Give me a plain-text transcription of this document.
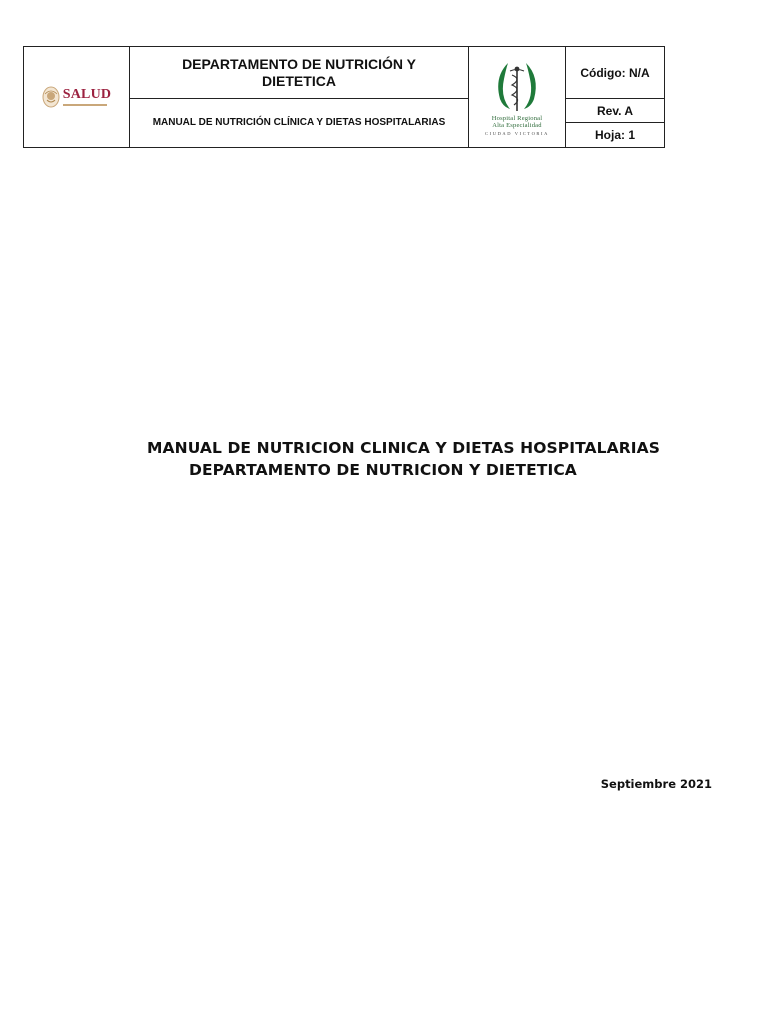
SALUD	DEPARTAMENTO DE NUTRICIÓN Y DIETETICA	Hospital Regional
Alta Especialidad
CIUDAD VICTORIA	Código: N/A

	MANUAL DE NUTRICIÓN CLÍNICA Y DIETAS HOSPITALARIAS		Rev. A
			Hoja: 1
MANUAL DE NUTRICION CLINICA Y DIETAS HOSPITALARIAS
DEPARTAMENTO DE NUTRICION Y DIETETICA
Septiembre 2021
